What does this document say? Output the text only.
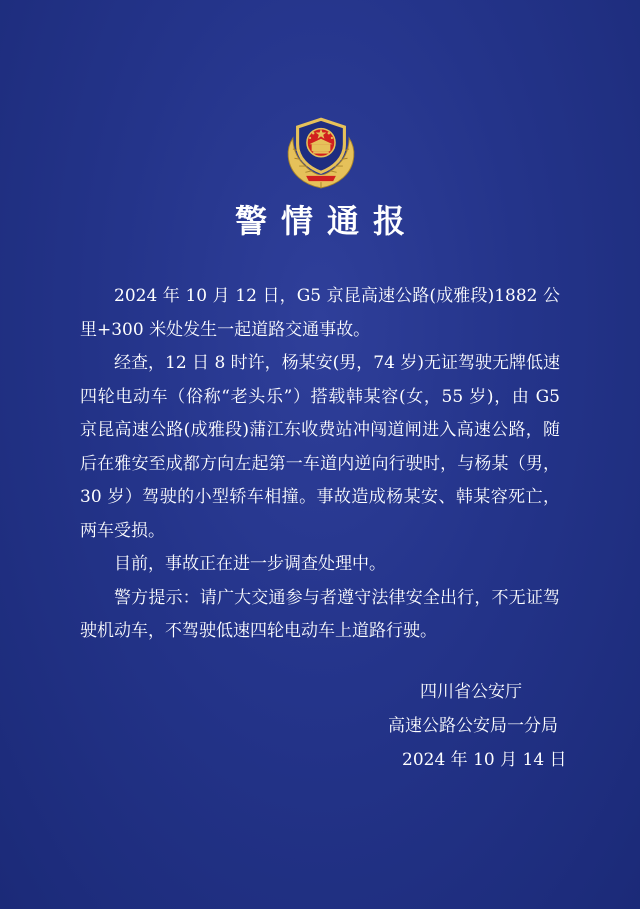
警情通报

2024 年 10 月 12 日，G5 京昆高速公路(成雅段)1882 公里+300 米处发生一起道路交通事故。

经查，12 日 8 时许，杨某安(男，74 岁)无证驾驶无牌低速四轮电动车（俗称“老头乐”）搭载韩某容(女，55 岁)，由 G5 京昆高速公路(成雅段)蒲江东收费站冲闯道闸进入高速公路，随后在雅安至成都方向左起第一车道内逆向行驶时，与杨某（男，30 岁）驾驶的小型轿车相撞。事故造成杨某安、韩某容死亡，两车受损。

目前，事故正在进一步调查处理中。

警方提示：请广大交通参与者遵守法律安全出行，不无证驾驶机动车，不驾驶低速四轮电动车上道路行驶。

四川省公安厅
高速公路公安局一分局
2024 年 10 月 14 日
